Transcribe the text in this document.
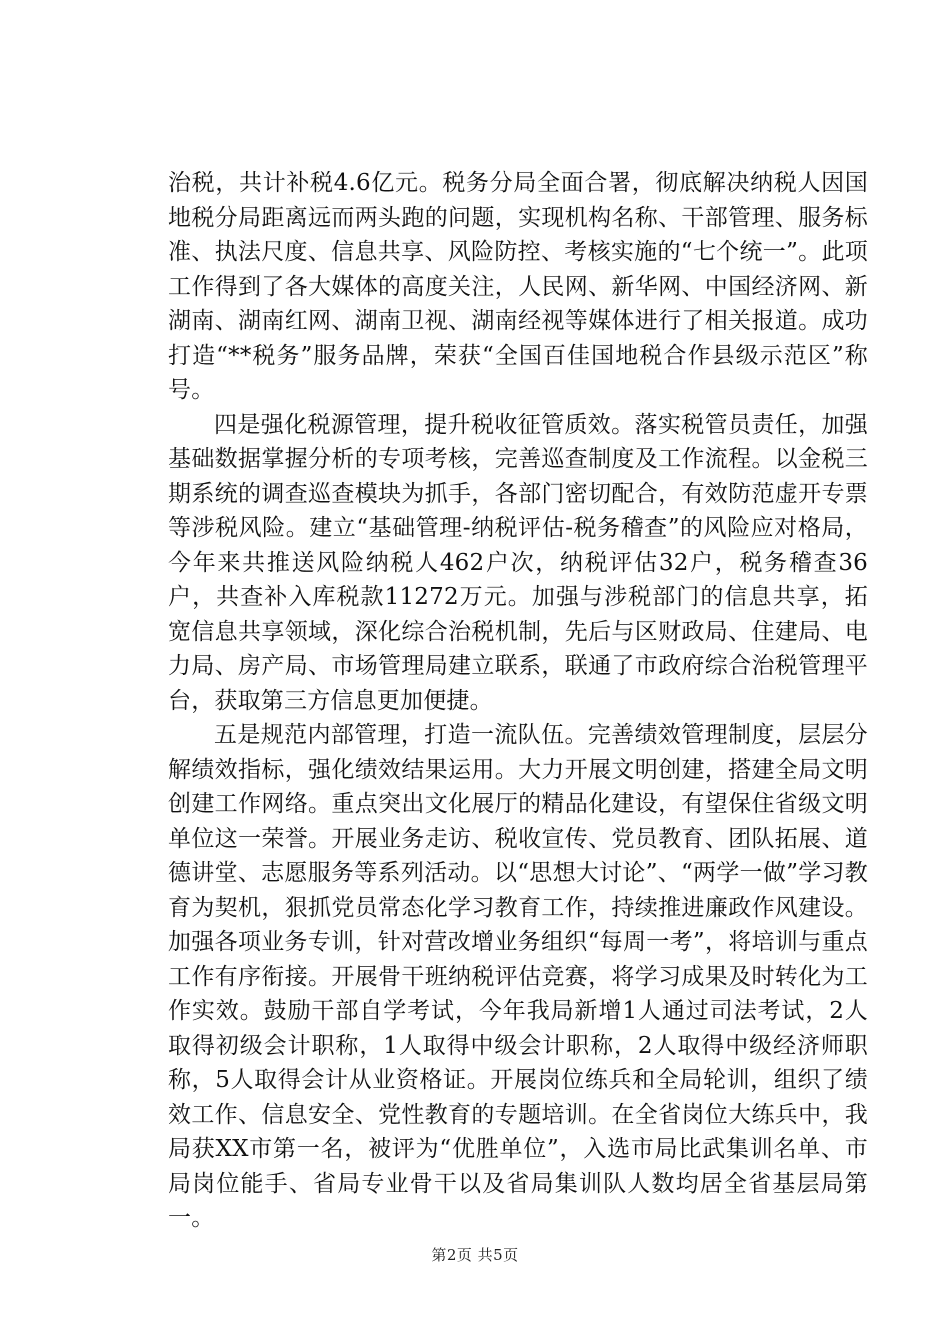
治税，共计补税4.6亿元。税务分局全面合署，彻底解决纳税人因国地税分局距离远而两头跑的问题，实现机构名称、干部管理、服务标准、执法尺度、信息共享、风险防控、考核实施的“七个统一”。此项工作得到了各大媒体的高度关注，人民网、新华网、中国经济网、新湖南、湖南红网、湖南卫视、湖南经视等媒体进行了相关报道。成功打造“**税务”服务品牌，荣获“全国百佳国地税合作县级示范区”称号。

四是强化税源管理，提升税收征管质效。落实税管员责任，加强基础数据掌握分析的专项考核，完善巡查制度及工作流程。以金税三期系统的调查巡查模块为抓手，各部门密切配合，有效防范虚开专票等涉税风险。建立“基础管理-纳税评估-税务稽查”的风险应对格局，今年来共推送风险纳税人462户次，纳税评估32户，税务稽查36户，共查补入库税款11272万元。加强与涉税部门的信息共享，拓宽信息共享领域，深化综合治税机制，先后与区财政局、住建局、电力局、房产局、市场管理局建立联系，联通了市政府综合治税管理平台，获取第三方信息更加便捷。

五是规范内部管理，打造一流队伍。完善绩效管理制度，层层分解绩效指标，强化绩效结果运用。大力开展文明创建，搭建全局文明创建工作网络。重点突出文化展厅的精品化建设，有望保住省级文明单位这一荣誉。开展业务走访、税收宣传、党员教育、团队拓展、道德讲堂、志愿服务等系列活动。以“思想大讨论”、“两学一做”学习教育为契机，狠抓党员常态化学习教育工作，持续推进廉政作风建设。加强各项业务专训，针对营改增业务组织“每周一考”，将培训与重点工作有序衔接。开展骨干班纳税评估竞赛，将学习成果及时转化为工作实效。鼓励干部自学考试，今年我局新增1人通过司法考试，2人取得初级会计职称，1人取得中级会计职称，2人取得中级经济师职称，5人取得会计从业资格证。开展岗位练兵和全局轮训，组织了绩效工作、信息安全、党性教育的专题培训。在全省岗位大练兵中，我局获XX市第一名，被评为“优胜单位”，入选市局比武集训名单、市局岗位能手、省局专业骨干以及省局集训队人数均居全省基层局第一。

第2页 共5页
